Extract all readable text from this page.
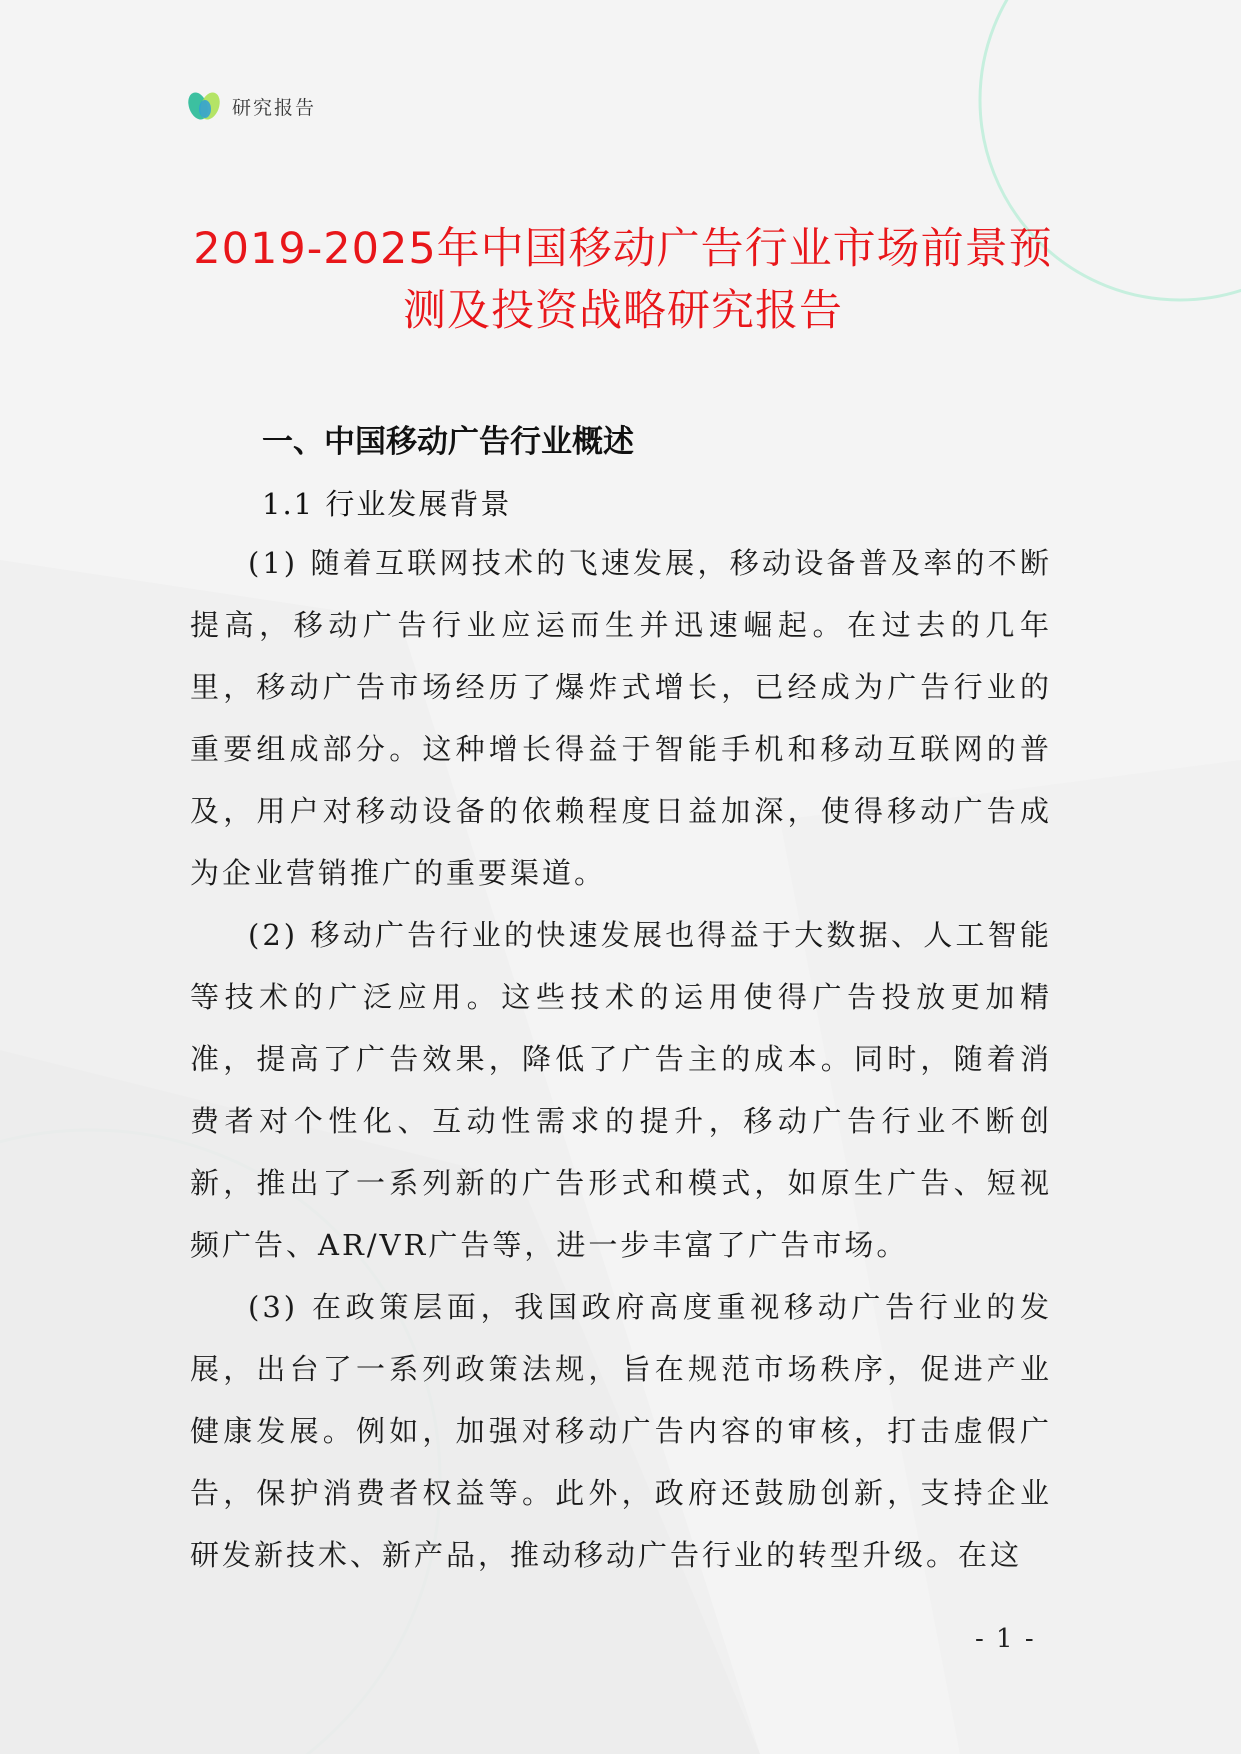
研究报告
2019-2025年中国移动广告行业市场前景预测及投资战略研究报告
一、中国移动广告行业概述
1.1 行业发展背景

(1) 随着互联网技术的飞速发展，移动设备普及率的不断提高，移动广告行业应运而生并迅速崛起。在过去的几年里，移动广告市场经历了爆炸式增长，已经成为广告行业的重要组成部分。这种增长得益于智能手机和移动互联网的普及，用户对移动设备的依赖程度日益加深，使得移动广告成为企业营销推广的重要渠道。

(2) 移动广告行业的快速发展也得益于大数据、人工智能等技术的广泛应用。这些技术的运用使得广告投放更加精准，提高了广告效果，降低了广告主的成本。同时，随着消费者对个性化、互动性需求的提升，移动广告行业不断创新，推出了一系列新的广告形式和模式，如原生广告、短视频广告、AR/VR广告等，进一步丰富了广告市场。

(3) 在政策层面，我国政府高度重视移动广告行业的发展，出台了一系列政策法规，旨在规范市场秩序，促进产业健康发展。例如，加强对移动广告内容的审核，打击虚假广告，保护消费者权益等。此外，政府还鼓励创新，支持企业研发新技术、新产品，推动移动广告行业的转型升级。在这

- 1 -
